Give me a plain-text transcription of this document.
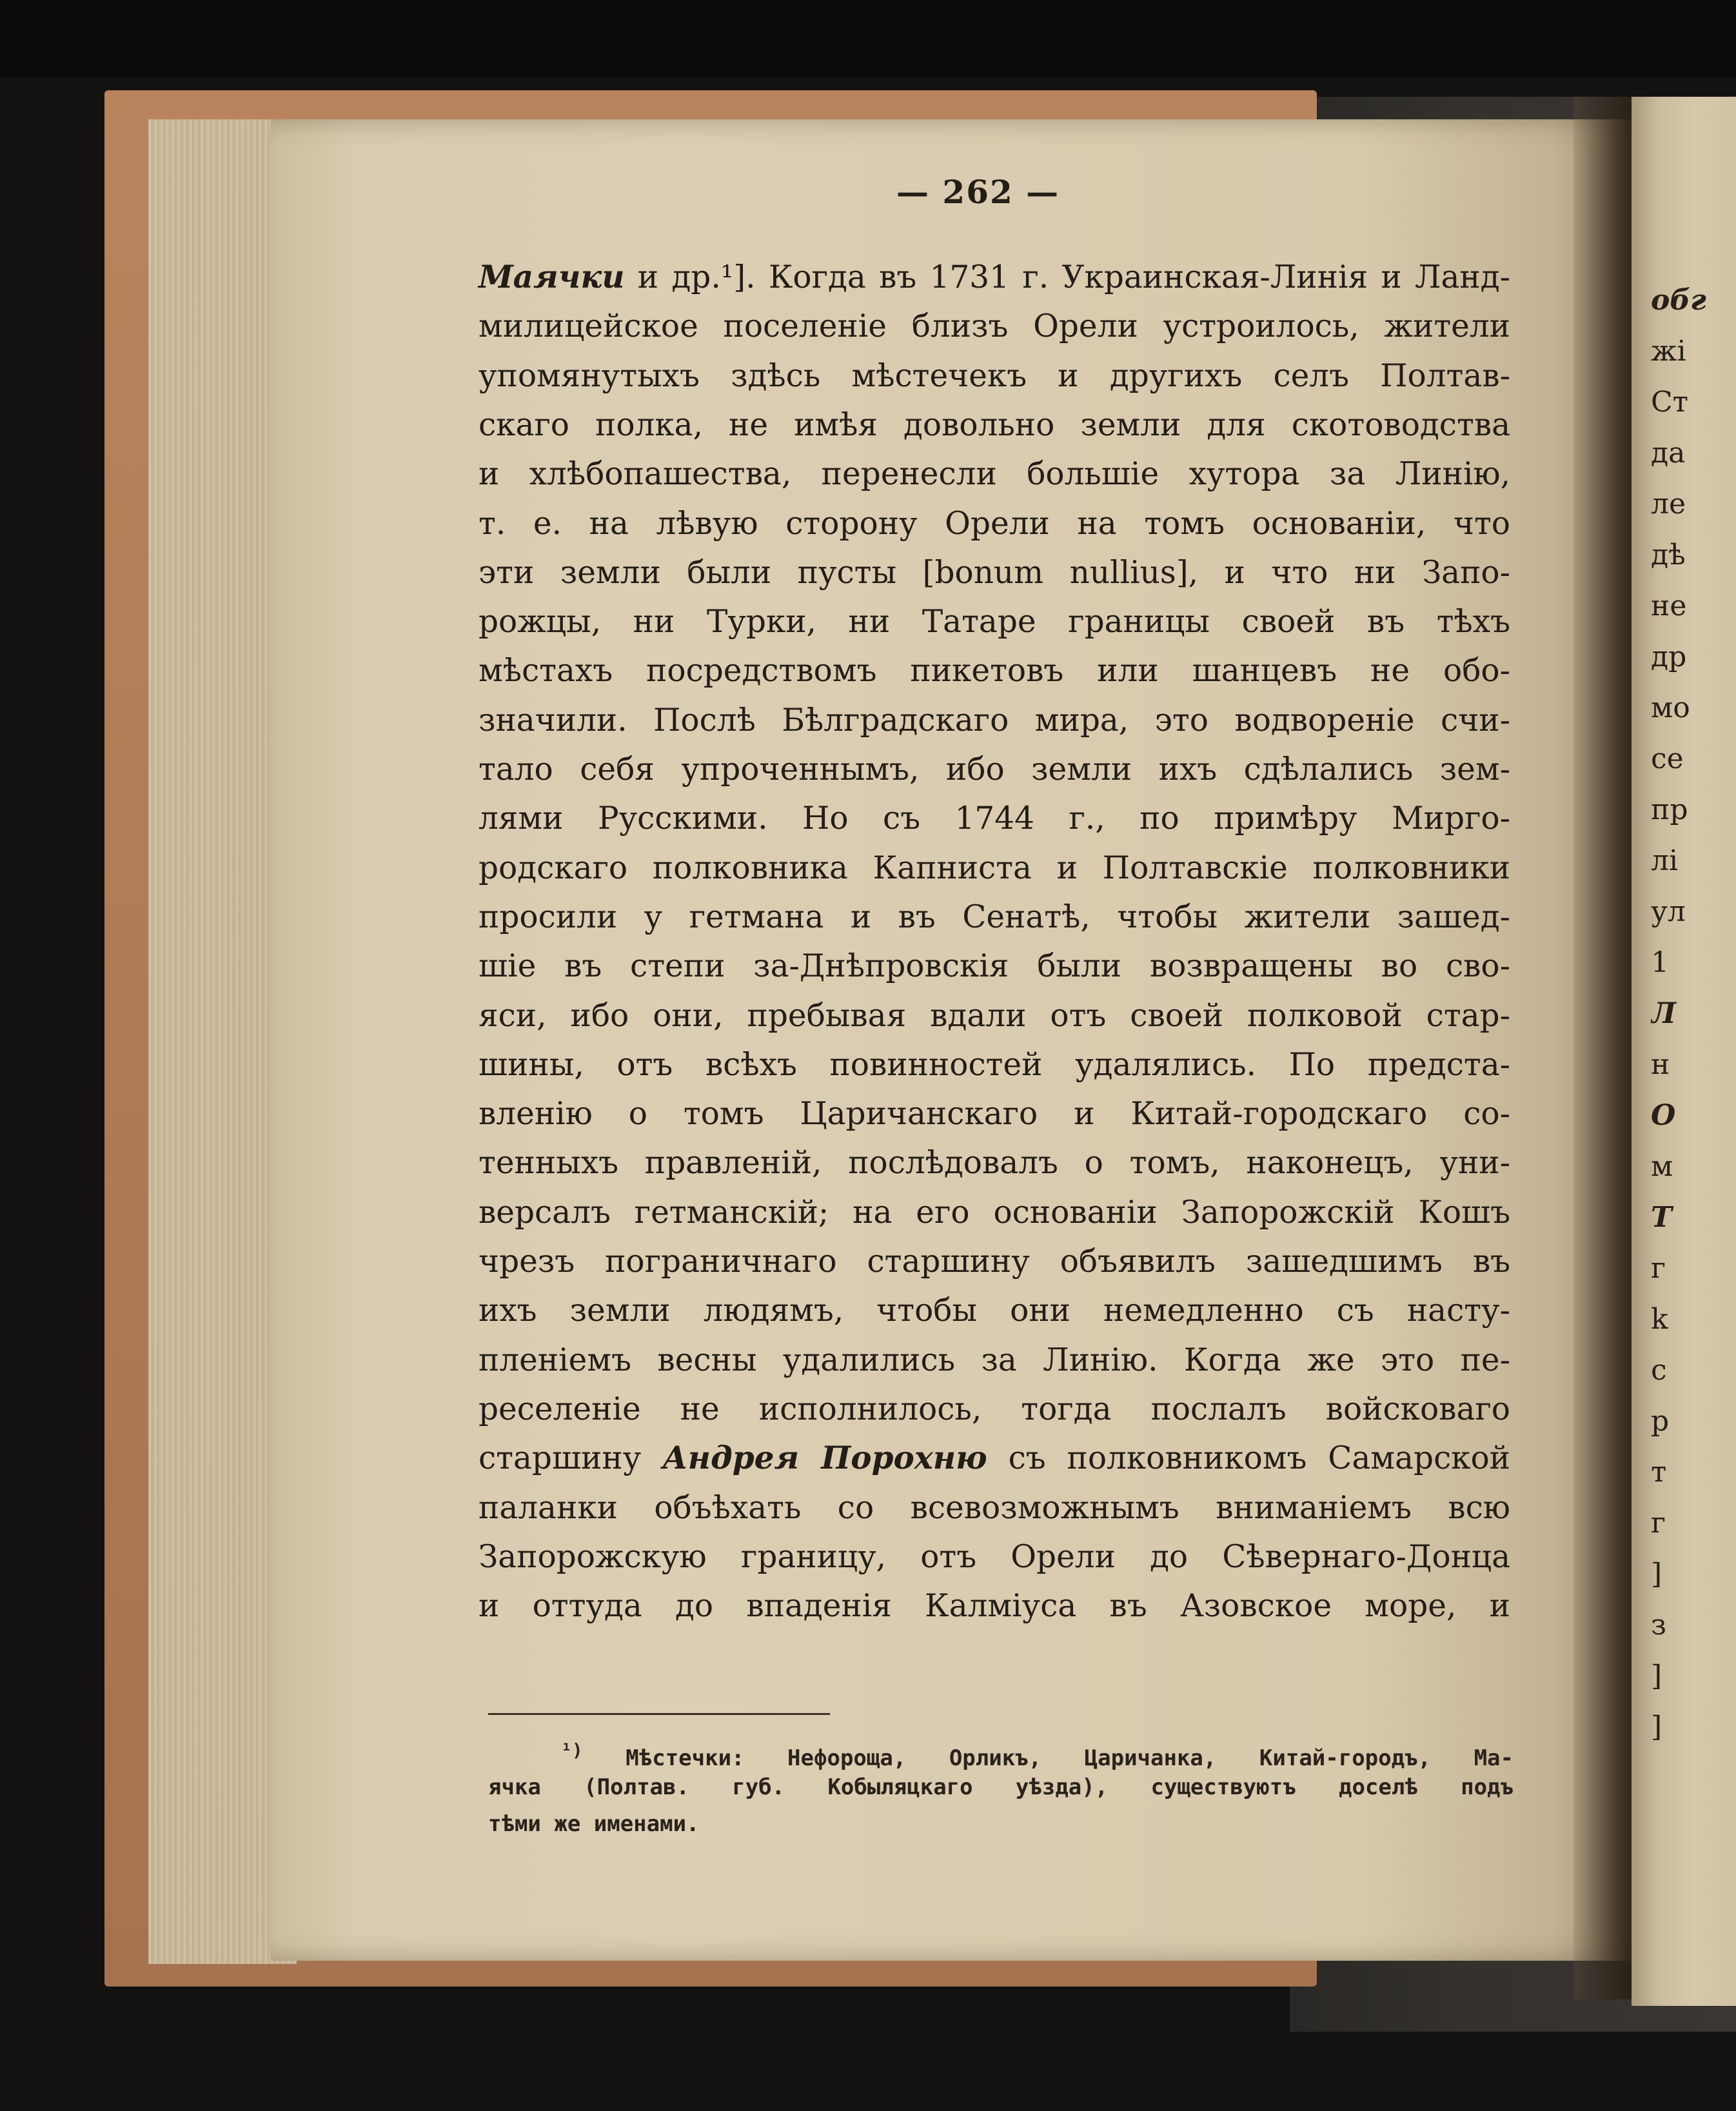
обг
жі
Ст
да
ле
дѣ
не
др
мо
се
пр
лі
ул
1
Л
н
О
м
Т
г
k
с
р
т
г
]
з
]
]
— 262 —
Маячки и др.¹]. Когда въ 1731 г. Украинская-Линія и Ланд-
милицейское поселеніе близъ Орели устроилось, жители
упомянутыхъ здѣсь мѣстечекъ и другихъ селъ Полтав-
скаго полка, не имѣя довольно земли для скотоводства
и хлѣбопашества, перенесли большіе хутора за Линію,
т. е. на лѣвую сторону Орели на томъ основаніи, что
эти земли были пусты [bonum nullius], и что ни Запо-
рожцы, ни Турки, ни Татаре границы своей въ тѣхъ
мѣстахъ посредствомъ пикетовъ или шанцевъ не обо-
значили. Послѣ Бѣлградскаго мира, это водвореніе счи-
тало себя упроченнымъ, ибо земли ихъ сдѣлались зем-
лями Русскими. Но съ 1744 г., по примѣру Мирго-
родскаго полковника Капниста и Полтавскіе полковники
просили у гетмана и въ Сенатѣ, чтобы жители зашед-
шіе въ степи за-Днѣпровскія были возвращены во сво-
яси, ибо они, пребывая вдали отъ своей полковой стар-
шины, отъ всѣхъ повинностей удалялись. По предста-
вленію о томъ Царичанскаго и Китай-городскаго со-
тенныхъ правленій, послѣдовалъ о томъ, наконецъ, уни-
версалъ гетманскій; на его основаніи Запорожскій Кошъ
чрезъ пограничнаго старшину объявилъ зашедшимъ въ
ихъ земли людямъ, чтобы они немедленно съ насту-
пленіемъ весны удалились за Линію. Когда же это пе-
реселеніе не исполнилось, тогда послалъ войсковаго
старшину Андрея Порохню съ полковникомъ Самарской
паланки объѣхать со всевозможнымъ вниманіемъ всю
Запорожскую границу, отъ Орели до Сѣвернаго-Донца
и оттуда до впаденія Калміуса въ Азовское море, и
$^{^1)}$ Мѣстечки: Нефороща, Орликъ, Царичанка, Китай-городъ, Ма-
ячка (Полтав. губ. Кобыляцкаго уѣзда), существуютъ доселѣ подъ
тѣми же именами.
